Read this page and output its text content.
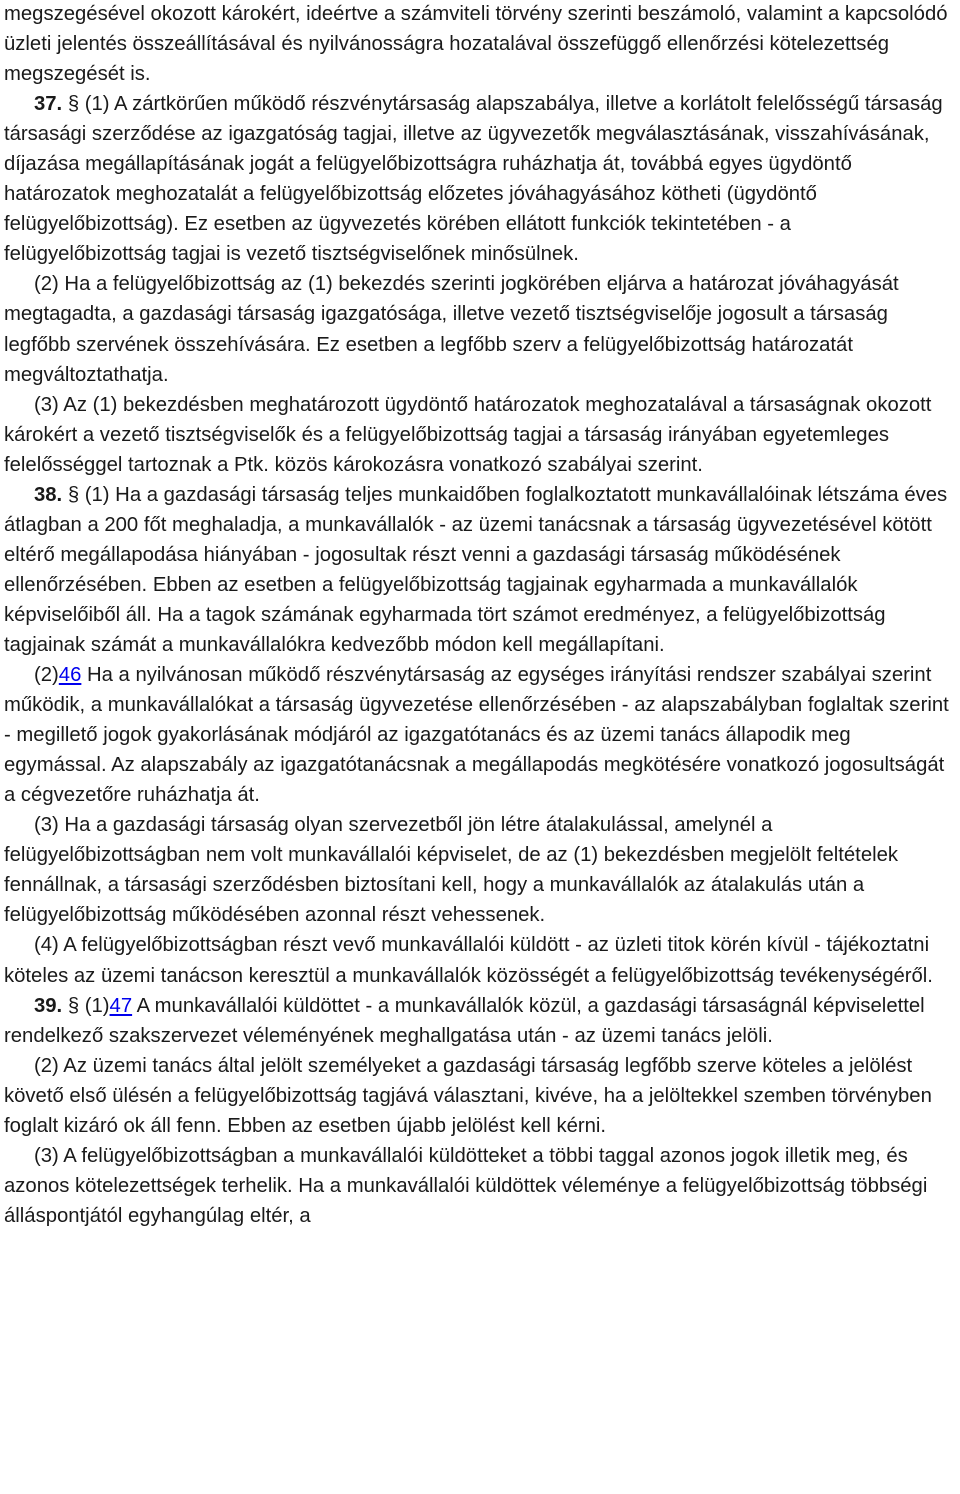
megszegésével okozott károkért, ideértve a számviteli törvény szerinti beszámoló, valamint a kapcsolódó üzleti jelentés összeállításával és nyilvánosságra hozatalával összefüggő ellenőrzési kötelezettség megszegését is.

37. § (1) A zártkörűen működő részvénytársaság alapszabálya, illetve a korlátolt felelősségű társaság társasági szerződése az igazgatóság tagjai, illetve az ügyvezetők megválasztásának, visszahívásának, díjazása megállapításának jogát a felügyelőbizottságra ruházhatja át, továbbá egyes ügydöntő határozatok meghozatalát a felügyelőbizottság előzetes jóváhagyásához kötheti (ügydöntő felügyelőbizottság). Ez esetben az ügyvezetés körében ellátott funkciók tekintetében - a felügyelőbizottság tagjai is vezető tisztségviselőnek minősülnek.

(2) Ha a felügyelőbizottság az (1) bekezdés szerinti jogkörében eljárva a határozat jóváhagyását megtagadta, a gazdasági társaság igazgatósága, illetve vezető tisztségviselője jogosult a társaság legfőbb szervének összehívására. Ez esetben a legfőbb szerv a felügyelőbizottság határozatát megváltoztathatja.

(3) Az (1) bekezdésben meghatározott ügydöntő határozatok meghozatalával a társaságnak okozott károkért a vezető tisztségviselők és a felügyelőbizottság tagjai a társaság irányában egyetemleges felelősséggel tartoznak a Ptk. közös károkozásra vonatkozó szabályai szerint.

38. § (1) Ha a gazdasági társaság teljes munkaidőben foglalkoztatott munkavállalóinak létszáma éves átlagban a 200 főt meghaladja, a munkavállalók - az üzemi tanácsnak a társaság ügyvezetésével kötött eltérő megállapodása hiányában - jogosultak részt venni a gazdasági társaság működésének ellenőrzésében. Ebben az esetben a felügyelőbizottság tagjainak egyharmada a munkavállalók képviselőiből áll. Ha a tagok számának egyharmada tört számot eredményez, a felügyelőbizottság tagjainak számát a munkavállalókra kedvezőbb módon kell megállapítani.

(2)46 Ha a nyilvánosan működő részvénytársaság az egységes irányítási rendszer szabályai szerint működik, a munkavállalókat a társaság ügyvezetése ellenőrzésében - az alapszabályban foglaltak szerint - megillető jogok gyakorlásának módjáról az igazgatótanács és az üzemi tanács állapodik meg egymással. Az alapszabály az igazgatótanácsnak a megállapodás megkötésére vonatkozó jogosultságát a cégvezetőre ruházhatja át.

(3) Ha a gazdasági társaság olyan szervezetből jön létre átalakulással, amelynél a felügyelőbizottságban nem volt munkavállalói képviselet, de az (1) bekezdésben megjelölt feltételek fennállnak, a társasági szerződésben biztosítani kell, hogy a munkavállalók az átalakulás után a felügyelőbizottság működésében azonnal részt vehessenek.

(4) A felügyelőbizottságban részt vevő munkavállalói küldött - az üzleti titok körén kívül - tájékoztatni köteles az üzemi tanácson keresztül a munkavállalók közösségét a felügyelőbizottság tevékenységéről.

39. § (1)47 A munkavállalói küldöttet - a munkavállalók közül, a gazdasági társaságnál képviselettel rendelkező szakszervezet véleményének meghallgatása után - az üzemi tanács jelöli.

(2) Az üzemi tanács által jelölt személyeket a gazdasági társaság legfőbb szerve köteles a jelölést követő első ülésén a felügyelőbizottság tagjává választani, kivéve, ha a jelöltekkel szemben törvényben foglalt kizáró ok áll fenn. Ebben az esetben újabb jelölést kell kérni.

(3) A felügyelőbizottságban a munkavállalói küldötteket a többi taggal azonos jogok illetik meg, és azonos kötelezettségek terhelik. Ha a munkavállalói küldöttek véleménye a felügyelőbizottság többségi álláspontjától egyhangúlag eltér, a
